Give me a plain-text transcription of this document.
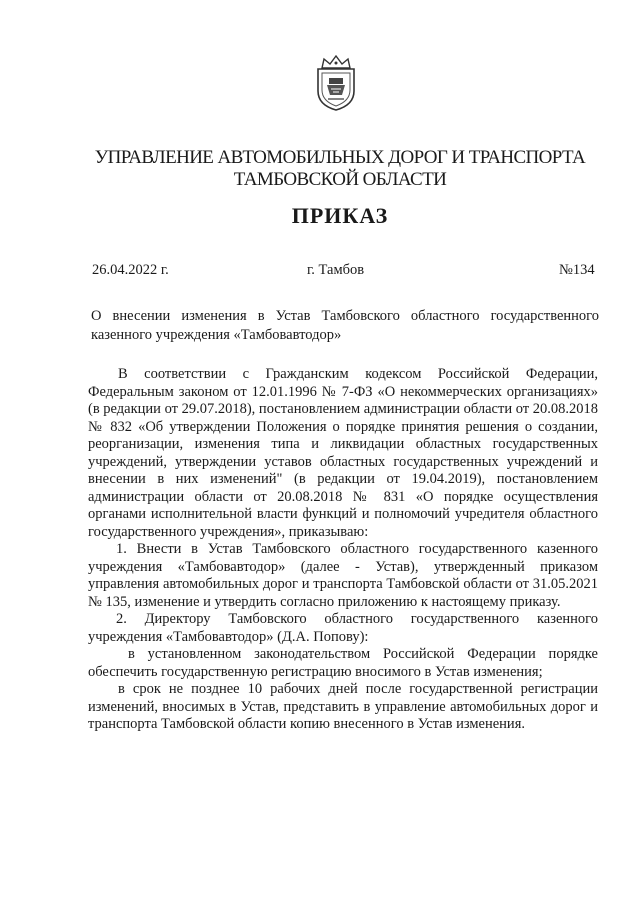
УПРАВЛЕНИЕ АВТОМОБИЛЬНЫХ ДОРОГ И ТРАНСПОРТА
ТАМБОВСКОЙ ОБЛАСТИ
ПРИКАЗ
26.04.2022 г.	г. Тамбов	№134
О внесении изменения в Устав Тамбовского областного государственного казенного учреждения «Тамбовавтодор»

В соответствии с Гражданским кодексом Российской Федерации, Федеральным законом от 12.01.1996 № 7-ФЗ «О некоммерческих организациях» (в редакции от 29.07.2018), постановлением администрации области от 20.08.2018 № 832 «Об утверждении Положения о порядке принятия решения о создании, реорганизации, изменения типа и ликвидации областных государственных учреждений, утверждении уставов областных государственных учреждений и внесении в них изменений" (в редакции от 19.04.2019), постановлением администрации области от 20.08.2018 № 831 «О порядке осуществления органами исполнительной власти функций и полномочий учредителя областного государственного учреждения», приказываю:

1. Внести в Устав Тамбовского областного государственного казенного учреждения «Тамбовавтодор» (далее - Устав), утвержденный приказом управления автомобильных дорог и транспорта Тамбовской области от 31.05.2021 № 135, изменение и утвердить согласно приложению к настоящему приказу.

2. Директору Тамбовского областного государственного казенного учреждения «Тамбовавтодор» (Д.А. Попову):

в установленном законодательством Российской Федерации порядке обеспечить государственную регистрацию вносимого в Устав изменения;

в срок не позднее 10 рабочих дней после государственной регистрации изменений, вносимых в Устав, представить в управление автомобильных дорог и транспорта Тамбовской области копию внесенного в Устав изменения.
